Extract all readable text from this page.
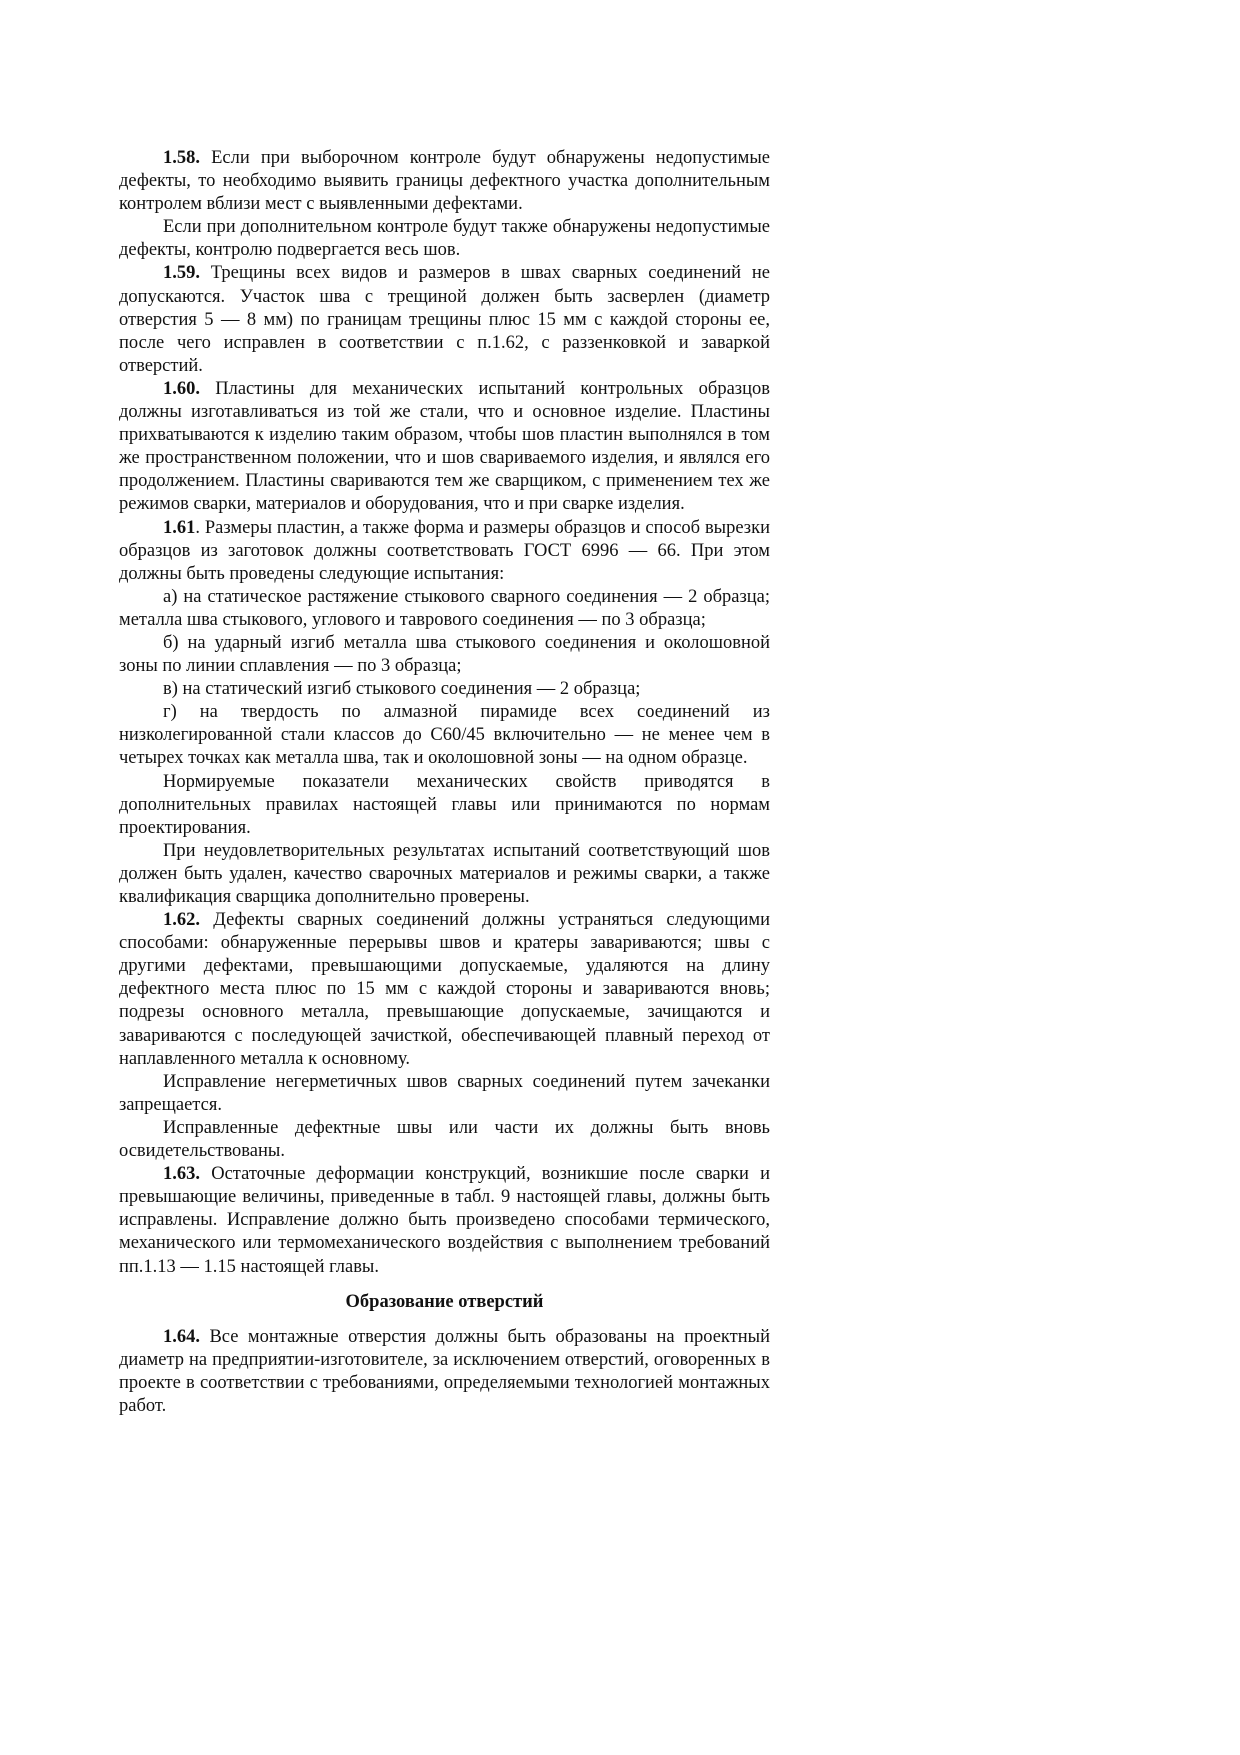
1.58. Если при выборочном контроле будут обнаружены недопустимые дефекты, то необходимо выявить границы дефектного участка дополнительным контролем вблизи мест с выявленными дефектами.

Если при дополнительном контроле будут также обнаружены недопустимые дефекты, контролю подвергается весь шов.

1.59. Трещины всех видов и размеров в швах сварных соединений не допускаются. Участок шва с трещиной должен быть засверлен (диаметр отверстия 5 — 8 мм) по границам трещины плюс 15 мм с каждой стороны ее, после чего исправлен в соответствии с п.1.62, с раззенковкой и заваркой отверстий.

1.60. Пластины для механических испытаний контрольных образцов должны изготавливаться из той же стали, что и основное изделие. Пластины прихватываются к изделию таким образом, чтобы шов пластин выполнялся в том же пространственном положении, что и шов свариваемого изделия, и являлся его продолжением. Пластины свариваются тем же сварщиком, с применением тех же режимов сварки, материалов и оборудования, что и при сварке изделия.

1.61. Размеры пластин, а также форма и размеры образцов и способ вырезки образцов из заготовок должны соответствовать ГОСТ 6996 — 66. При этом должны быть проведены следующие испытания:

а) на статическое растяжение стыкового сварного соединения — 2 образца; металла шва стыкового, углового и таврового соединения — по 3 образца;

б) на ударный изгиб металла шва стыкового соединения и околошовной зоны по линии сплавления — по 3 образца;

в) на статический изгиб стыкового соединения — 2 образца;

г) на твердость по алмазной пирамиде всех соединений из низколегированной стали классов до С60/45 включительно — не менее чем в четырех точках как металла шва, так и околошовной зоны — на одном образце.

Нормируемые показатели механических свойств приводятся в дополнительных правилах настоящей главы или принимаются по нормам проектирования.

При неудовлетворительных результатах испытаний соответствующий шов должен быть удален, качество сварочных материалов и режимы сварки, а также квалификация сварщика дополнительно проверены.

1.62. Дефекты сварных соединений должны устраняться следующими способами: обнаруженные перерывы швов и кратеры завариваются; швы с другими дефектами, превышающими допускаемые, удаляются на длину дефектного места плюс по 15 мм с каждой стороны и завариваются вновь; подрезы основного металла, превышающие допускаемые, зачищаются и завариваются с последующей зачисткой, обеспечивающей плавный переход от наплавленного металла к основному.

Исправление негерметичных швов сварных соединений путем зачеканки запрещается.

Исправленные дефектные швы или части их должны быть вновь освидетельствованы.

1.63. Остаточные деформации конструкций, возникшие после сварки и превышающие величины, приведенные в табл. 9 настоящей главы, должны быть исправлены. Исправление должно быть произведено способами термического, механического или термомеханического воздействия с выполнением требований пп.1.13 — 1.15 настоящей главы.

Образование отверстий

1.64. Все монтажные отверстия должны быть образованы на проектный диаметр на предприятии-изготовителе, за исключением отверстий, оговоренных в проекте в соответствии с требованиями, определяемыми технологией монтажных работ.
